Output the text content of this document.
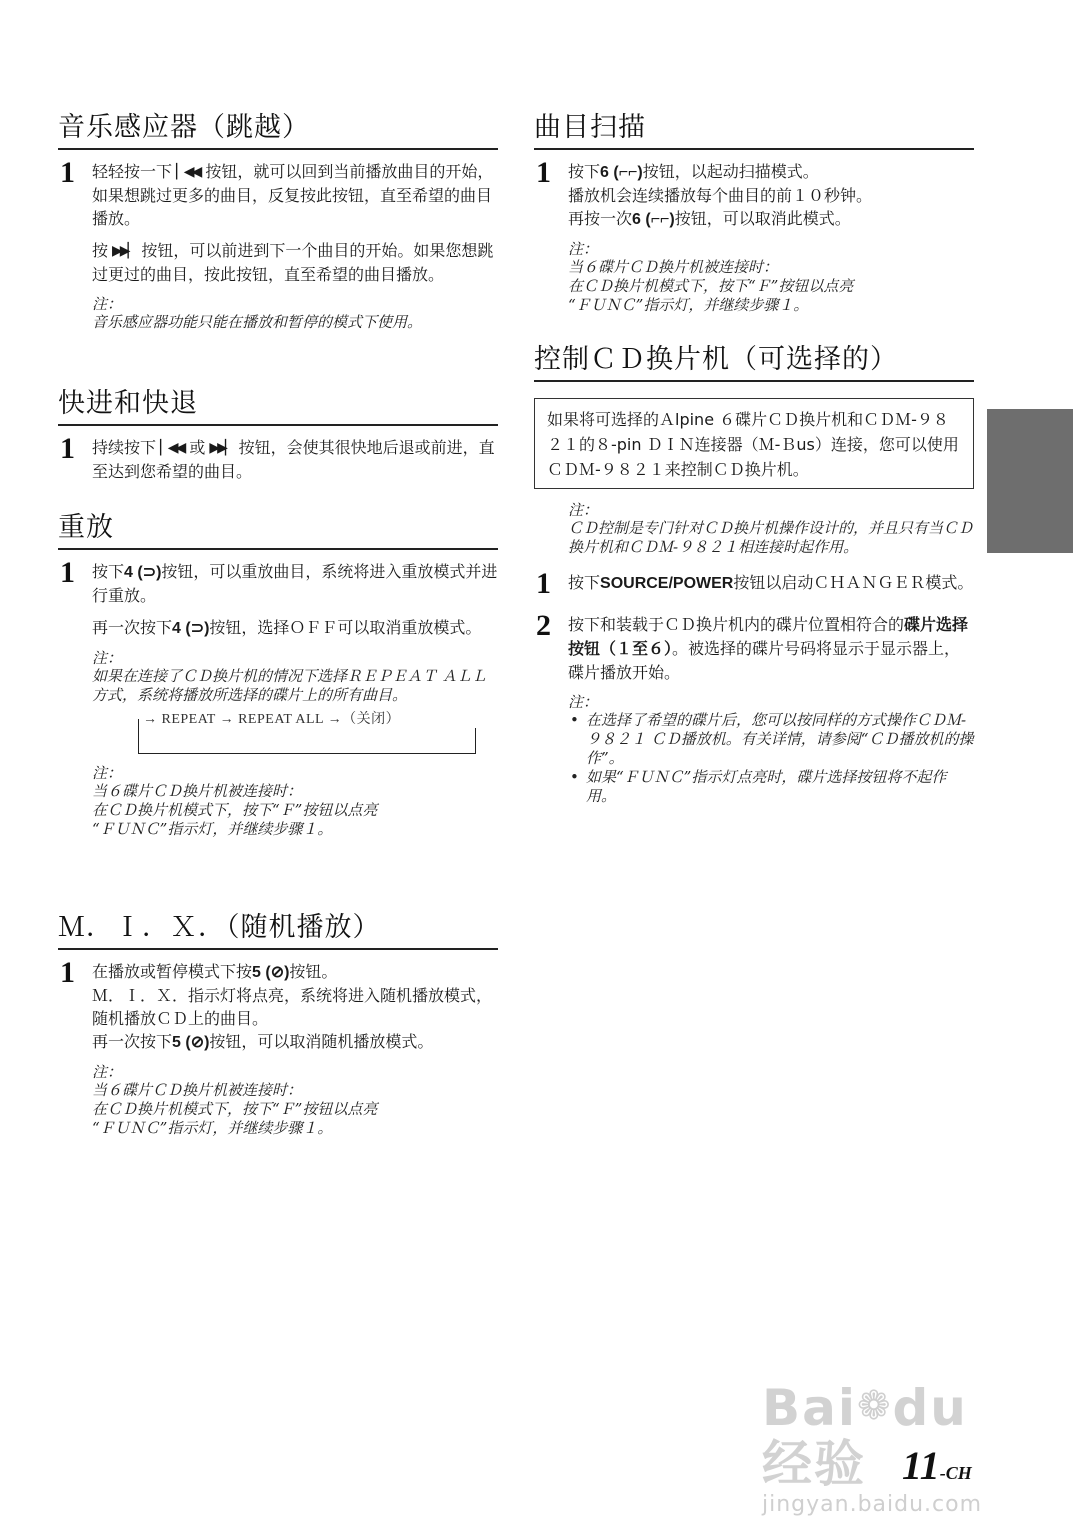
音乐感应器（跳越）
1 轻轻按一下 ▏◀◀ 按钮，就可以回到当前播放曲目的开始，如果想跳过更多的曲目，反复按此按钮，直至希望的曲目播放。

按 ▶▶▏ 按钮，可以前进到下一个曲目的开始。如果您想跳过更过的曲目，按此按钮，直至希望的曲目播放。

注：
音乐感应器功能只能在播放和暂停的模式下使用。
快进和快退
1 持续按下 ▏◀◀ 或 ▶▶▏ 按钮，会使其很快地后退或前进，直至达到您希望的曲目。

重放
1 按下4 (⊃)按钮，可以重放曲目，系统将进入重放模式并进行重放。

再一次按下4 (⊃)按钮，选择ＯＦＦ可以取消重放模式。

注：
如果在连接了ＣＤ换片机的情况下选择ＲＥＰＥＡＴ ＡＬＬ方式，系统将播放所选择的碟片上的所有曲目。
→ REPEAT → REPEAT ALL →（关闭）
注：
当６碟片ＣＤ换片机被连接时：
在ＣＤ换片机模式下，按下“Ｆ”按钮以点亮
“ＦＵＮＣ”指示灯，并继续步骤１。
Ｍ．Ｉ．Ｘ．（随机播放）
1 在播放或暂停模式下按5 (⊘)按钮。

Ｍ．Ｉ．Ｘ．指示灯将点亮，系统将进入随机播放模式，随机播放ＣＤ上的曲目。

再一次按下5 (⊘)按钮，可以取消随机播放模式。

注：
当６碟片ＣＤ换片机被连接时：
在ＣＤ换片机模式下，按下“Ｆ”按钮以点亮
“ＦＵＮＣ”指示灯，并继续步骤１。
曲目扫描
1 按下6 (⌐⌐)按钮，以起动扫描模式。

播放机会连续播放每个曲目的前１０秒钟。

再按一次6 (⌐⌐)按钮，可以取消此模式。

注：
当６碟片ＣＤ换片机被连接时：
在ＣＤ换片机模式下，按下“Ｆ”按钮以点亮
“ＦＵＮＣ”指示灯，并继续步骤１。
控制ＣＤ换片机（可选择的）
如果将可选择的Ａlpine ６碟片ＣＤ换片机和ＣＤＭ-９８２１的８-pin ＤＩＮ连接器（Ｍ-Ｂus）连接，您可以使用ＣＤＭ-９８２１来控制ＣＤ换片机。
注：
ＣＤ控制是专门针对ＣＤ换片机操作设计的，并且只有当ＣＤ换片机和ＣＤＭ-９８２１相连接时起作用。
1 按下SOURCE/POWER按钮以启动ＣＨＡＮＧＥＲ模式。

2 按下和装载于ＣＤ换片机内的碟片位置相符合的碟片选择按钮（１至６）。被选择的碟片号码将显示于显示器上，碟片播放开始。

注：
• 在选择了希望的碟片后，您可以按同样的方式操作ＣＤＭ-９８２１ ＣＤ播放机。有关详情，请参阅“ＣＤ播放机的操作”。
• 如果“ＦＵＮＣ”指示灯点亮时，碟片选择按钮将不起作用。
Bai❁du经验
jingyan.baidu.com
11-CH
